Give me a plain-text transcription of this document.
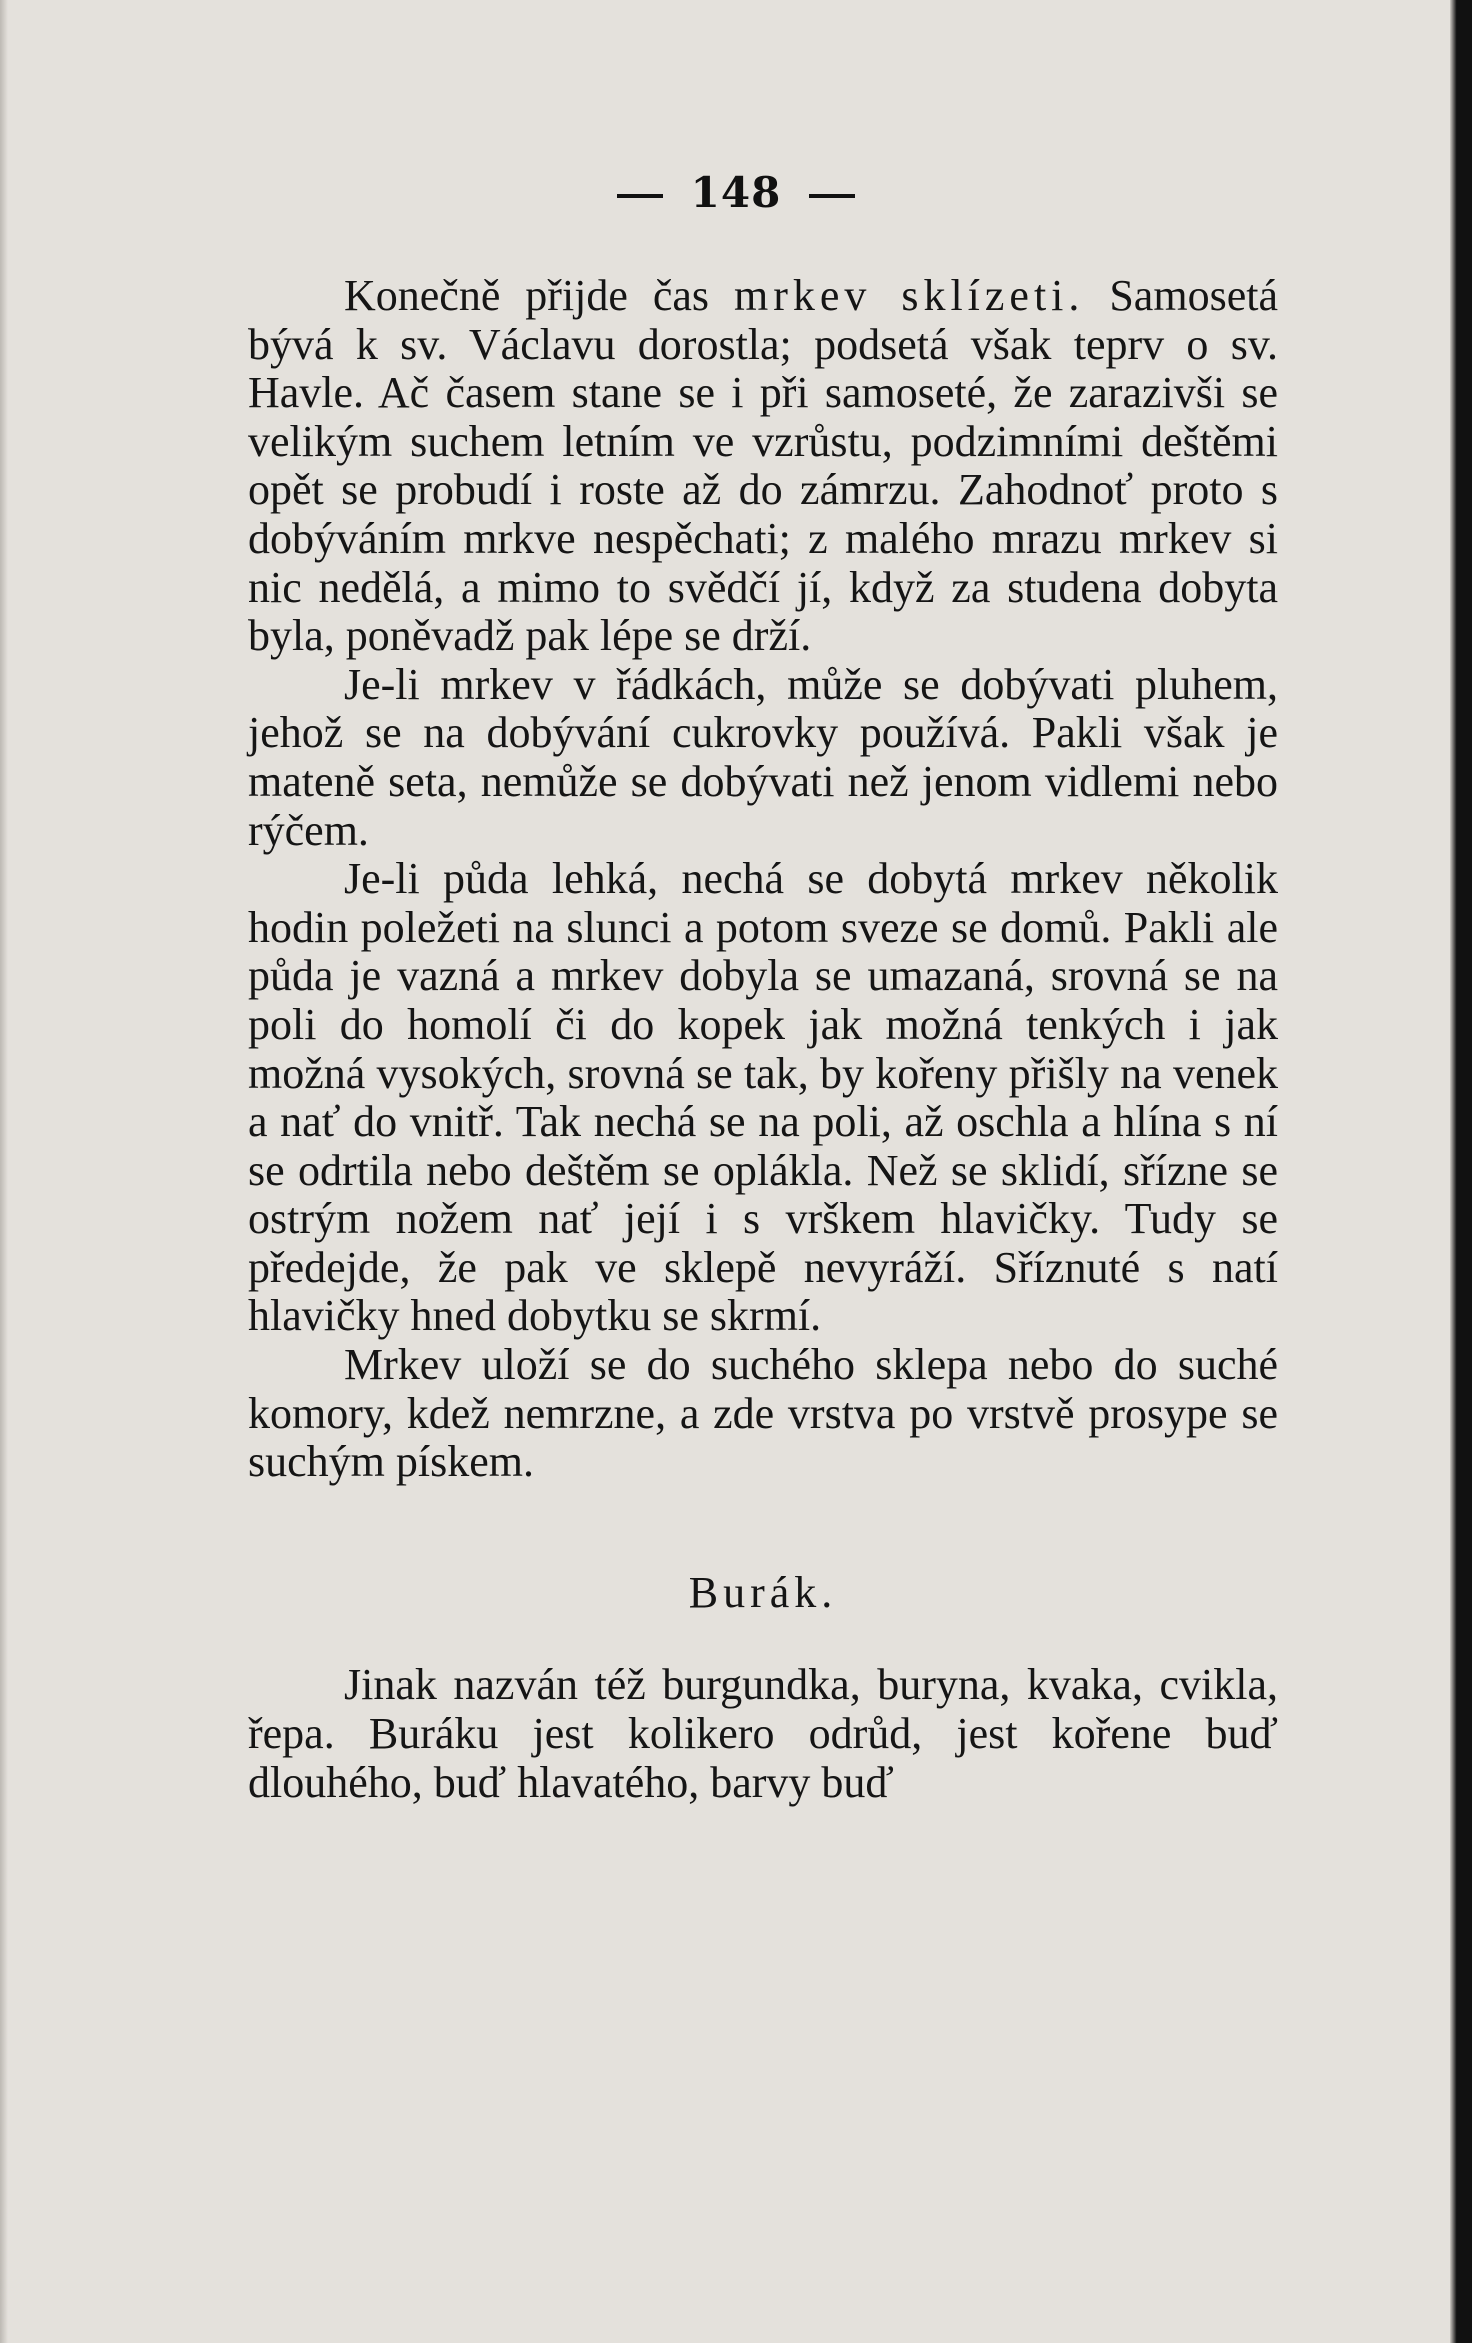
148

Konečně přijde čas mrkev sklízeti. Samosetá bývá k sv. Václavu dorostla; podsetá však teprv o sv. Havle. Ač časem stane se i při samoseté, že zarazivši se velikým suchem letním ve vzrůstu, podzimními deštěmi opět se probudí i roste až do zámrzu. Zahodnoť proto s dobýváním mrkve nespěchati; z malého mrazu mrkev si nic nedělá, a mimo to svědčí jí, když za studena dobyta byla, poněvadž pak lépe se drží.

Je-li mrkev v řádkách, může se dobývati pluhem, jehož se na dobývání cukrovky používá. Pakli však je mateně seta, nemůže se dobývati než jenom vidlemi nebo rýčem.

Je-li půda lehká, nechá se dobytá mrkev několik hodin poležeti na slunci a potom sveze se domů. Pakli ale půda je vazná a mrkev dobyla se umazaná, srovná se na poli do homolí či do kopek jak možná tenkých i jak možná vysokých, srovná se tak, by kořeny přišly na venek a nať do vnitř. Tak nechá se na poli, až oschla a hlína s ní se odrtila nebo deštěm se oplákla. Než se sklidí, sřízne se ostrým nožem nať její i s vrškem hlavičky. Tudy se předejde, že pak ve sklepě nevyráží. Sříznuté s natí hlavičky hned dobytku se skrmí.

Mrkev uloží se do suchého sklepa nebo do suché komory, kdež nemrzne, a zde vrstva po vrstvě prosype se suchým pískem.

Burák.

Jinak nazván též burgundka, buryna, kvaka, cvikla, řepa. Buráku jest kolikero odrůd, jest kořene buď dlouhého, buď hlavatého, barvy buď
